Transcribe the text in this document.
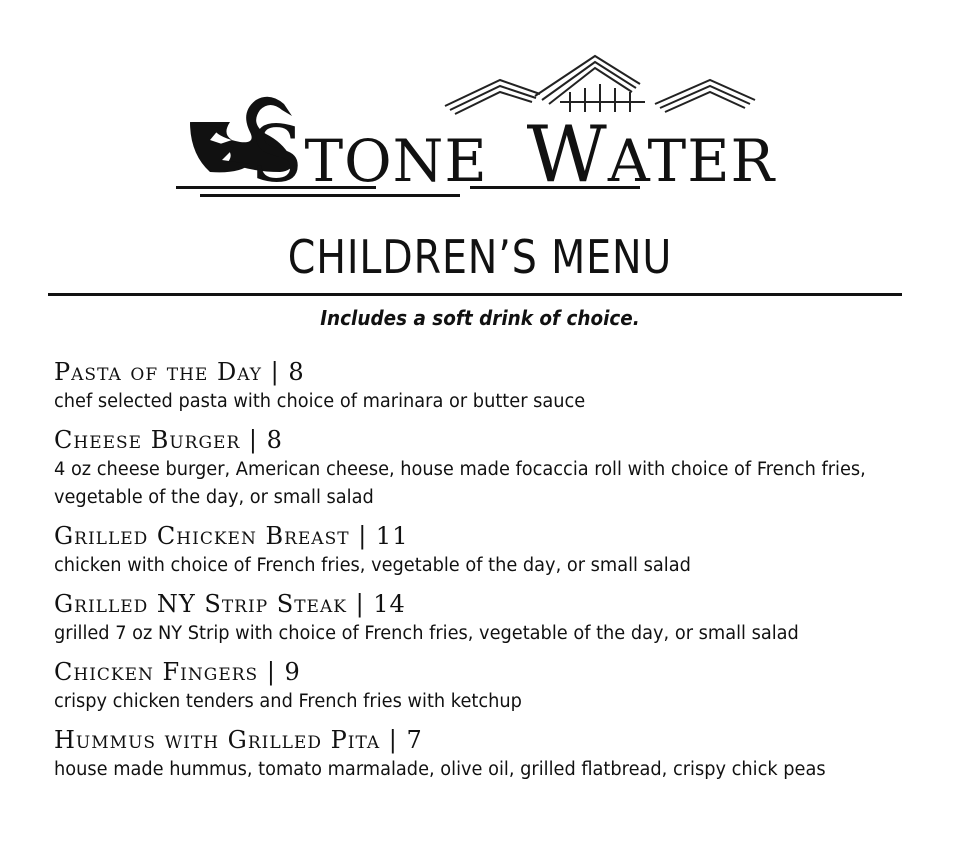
STONE WATER
CHILDREN’S MENU
Includes a soft drink of choice.
Pasta of the Day | 8
chef selected pasta with choice of marinara or butter sauce
Cheese Burger | 8
4 oz cheese burger, American cheese, house made focaccia roll with choice of French fries, vegetable of the day, or small salad
Grilled Chicken Breast | 11
chicken with choice of French fries, vegetable of the day, or small salad
Grilled NY Strip Steak | 14
grilled 7 oz NY Strip with choice of French fries, vegetable of the day, or small salad
Chicken Fingers | 9
crispy chicken tenders and French fries with ketchup
Hummus with Grilled Pita | 7
house made hummus, tomato marmalade, olive oil, grilled flatbread, crispy chick peas
